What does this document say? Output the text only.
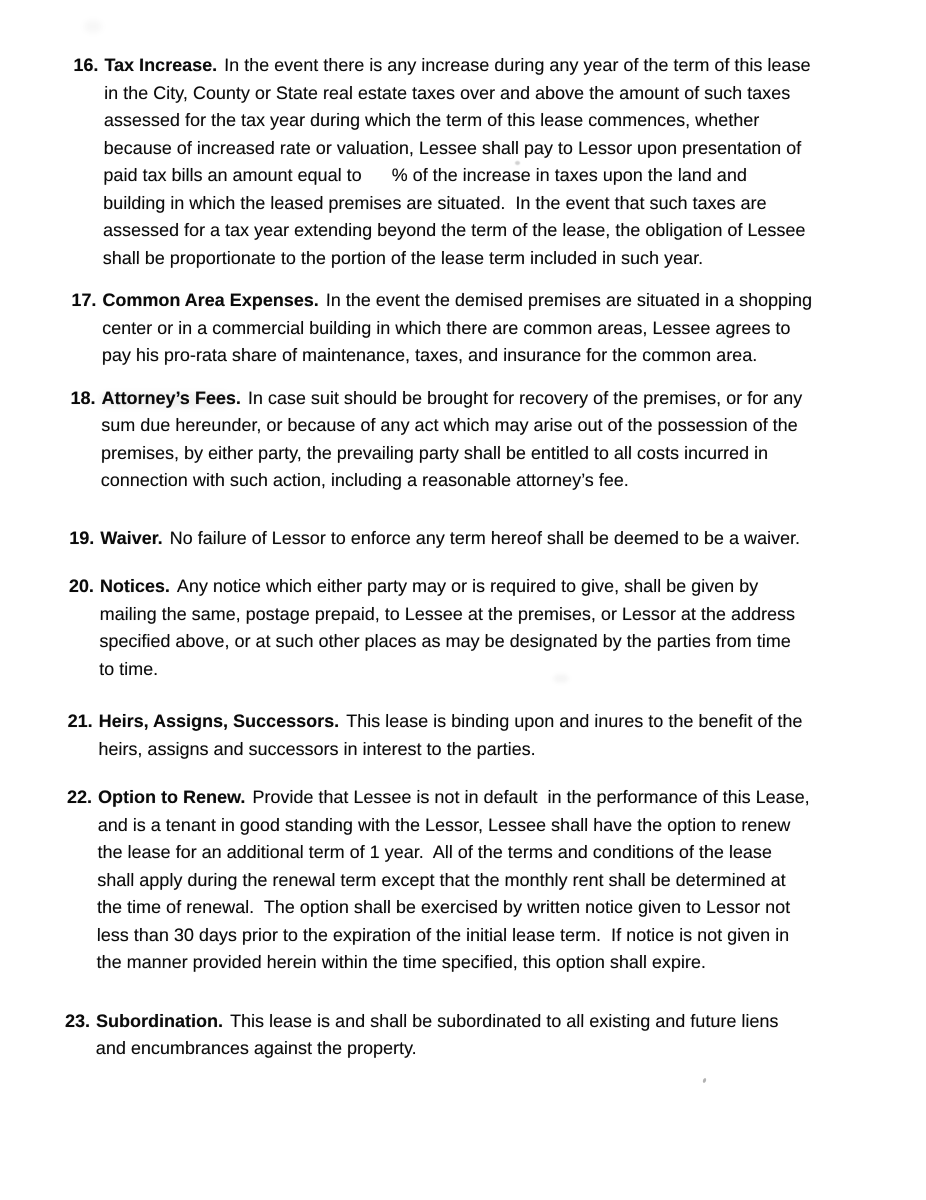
16. Tax Increase. In the event there is any increase during any year of the term of this lease
in the City, County or State real estate taxes over and above the amount of such taxes
assessed for the tax year during which the term of this lease commences, whether
because of increased rate or valuation, Lessee shall pay to Lessor upon presentation of
paid tax bills an amount equal to      % of the increase in taxes upon the land and
building in which the leased premises are situated.  In the event that such taxes are
assessed for a tax year extending beyond the term of the lease, the obligation of Lessee
shall be proportionate to the portion of the lease term included in such year.
17. Common Area Expenses. In the event the demised premises are situated in a shopping
center or in a commercial building in which there are common areas, Lessee agrees to
pay his pro-rata share of maintenance, taxes, and insurance for the common area.
18. Attorney’s Fees. In case suit should be brought for recovery of the premises, or for any
sum due hereunder, or because of any act which may arise out of the possession of the
premises, by either party, the prevailing party shall be entitled to all costs incurred in
connection with such action, including a reasonable attorney’s fee.
19. Waiver. No failure of Lessor to enforce any term hereof shall be deemed to be a waiver.
20. Notices. Any notice which either party may or is required to give, shall be given by
mailing the same, postage prepaid, to Lessee at the premises, or Lessor at the address
specified above, or at such other places as may be designated by the parties from time
to time.
21. Heirs, Assigns, Successors. This lease is binding upon and inures to the benefit of the
heirs, assigns and successors in interest to the parties.
22. Option to Renew. Provide that Lessee is not in default  in the performance of this Lease,
and is a tenant in good standing with the Lessor, Lessee shall have the option to renew
the lease for an additional term of 1 year.  All of the terms and conditions of the lease
shall apply during the renewal term except that the monthly rent shall be determined at
the time of renewal.  The option shall be exercised by written notice given to Lessor not
less than 30 days prior to the expiration of the initial lease term.  If notice is not given in
the manner provided herein within the time specified, this option shall expire.
23. Subordination. This lease is and shall be subordinated to all existing and future liens
and encumbrances against the property.
